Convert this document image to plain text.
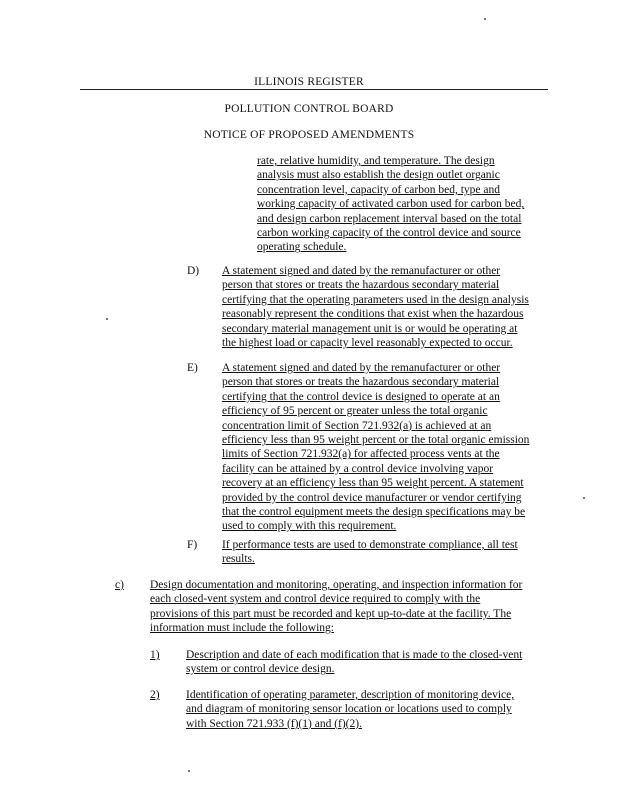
ILLINOIS REGISTER
POLLUTION CONTROL BOARD
NOTICE OF PROPOSED AMENDMENTS
rate, relative humidity, and temperature. The design
analysis must also establish the design outlet organic
concentration level, capacity of carbon bed, type and
working capacity of activated carbon used for carbon bed,
and design carbon replacement interval based on the total
carbon working capacity of the control device and source
operating schedule.
D) A statement signed and dated by the remanufacturer or other
person that stores or treats the hazardous secondary material
certifying that the operating parameters used in the design analysis
reasonably represent the conditions that exist when the hazardous
secondary material management unit is or would be operating at
the highest load or capacity level reasonably expected to occur.
E) A statement signed and dated by the remanufacturer or other
person that stores or treats the hazardous secondary material
certifying that the control device is designed to operate at an
efficiency of 95 percent or greater unless the total organic
concentration limit of Section 721.932(a) is achieved at an
efficiency less than 95 weight percent or the total organic emission
limits of Section 721.932(a) for affected process vents at the
facility can be attained by a control device involving vapor
recovery at an efficiency less than 95 weight percent. A statement
provided by the control device manufacturer or vendor certifying
that the control equipment meets the design specifications may be
used to comply with this requirement.
F) If performance tests are used to demonstrate compliance, all test
results.
c) Design documentation and monitoring, operating, and inspection information for
each closed-vent system and control device required to comply with the
provisions of this part must be recorded and kept up-to-date at the facility. The
information must include the following:
1) Description and date of each modification that is made to the closed-vent
system or control device design.
2) Identification of operating parameter, description of monitoring device,
and diagram of monitoring sensor location or locations used to comply
with Section 721.933 (f)(1) and (f)(2).
